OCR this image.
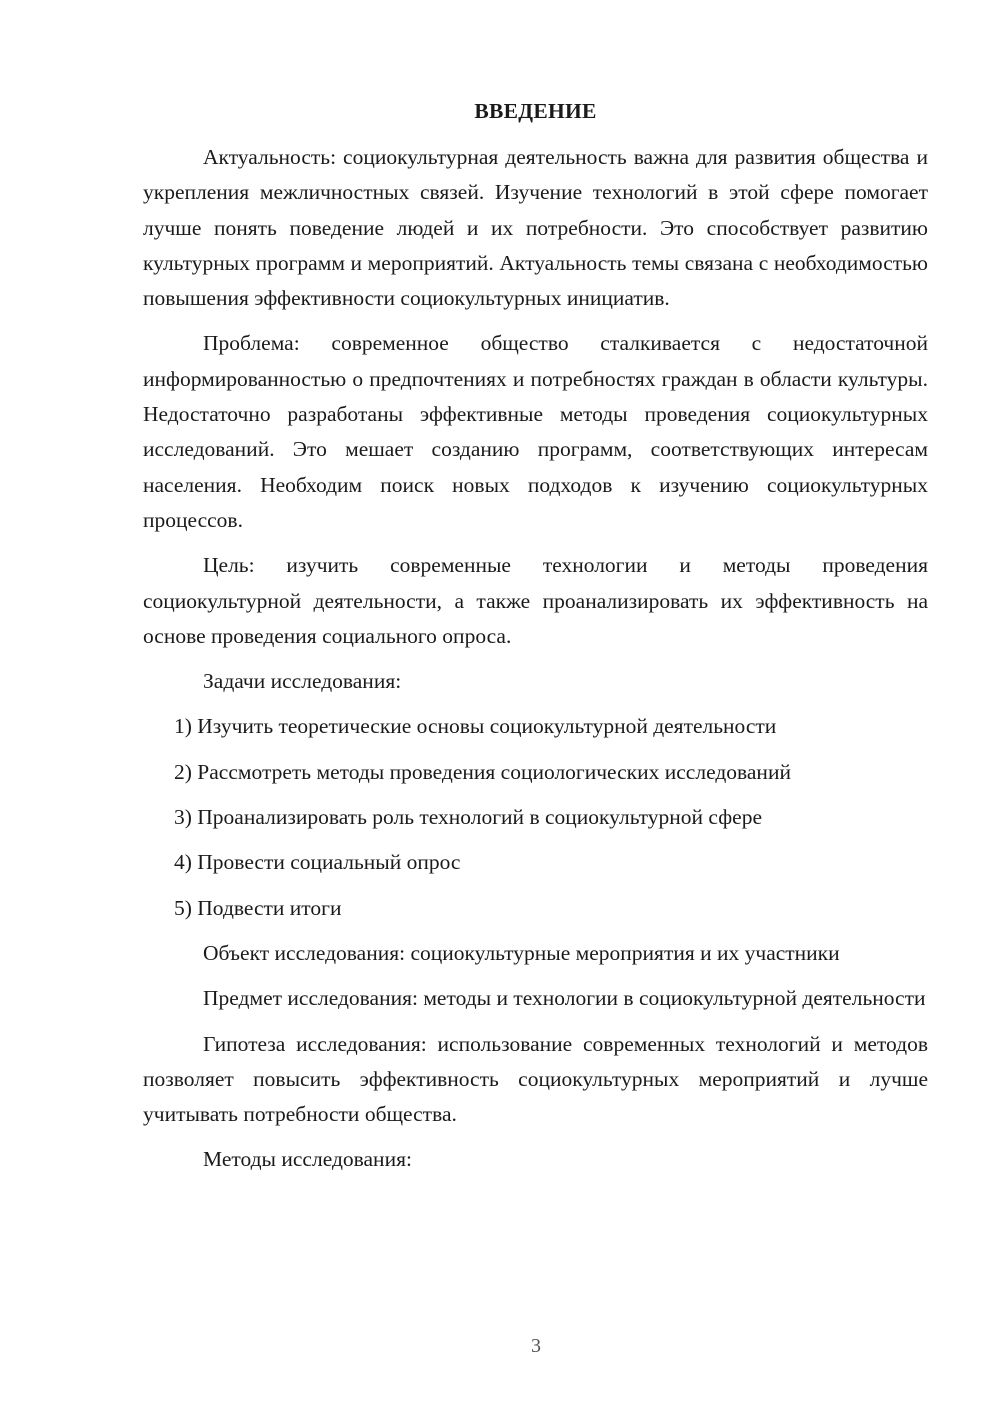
ВВЕДЕНИЕ

Актуальность: социокультурная деятельность важна для развития общества и укрепления межличностных связей. Изучение технологий в этой сфере помогает лучше понять поведение людей и их потребности. Это способствует развитию культурных программ и мероприятий. Актуальность темы связана с необходимостью повышения эффективности социокультурных инициатив.

Проблема: современное общество сталкивается с недостаточной информированностью о предпочтениях и потребностях граждан в области культуры. Недостаточно разработаны эффективные методы проведения социокультурных исследований. Это мешает созданию программ, соответствующих интересам населения. Необходим поиск новых подходов к изучению социокультурных процессов.

Цель: изучить современные технологии и методы проведения социокультурной деятельности, а также проанализировать их эффективность на основе проведения социального опроса.

Задачи исследования:

1) Изучить теоретические основы социокультурной деятельности
2) Рассмотреть методы проведения социологических исследований
3) Проанализировать роль технологий в социокультурной сфере
4) Провести социальный опрос
5) Подвести итоги

Объект исследования: социокультурные мероприятия и их участники

Предмет исследования: методы и технологии в социокультурной деятельности

Гипотеза исследования: использование современных технологий и методов позволяет повысить эффективность социокультурных мероприятий и лучше учитывать потребности общества.

Методы исследования:

3
